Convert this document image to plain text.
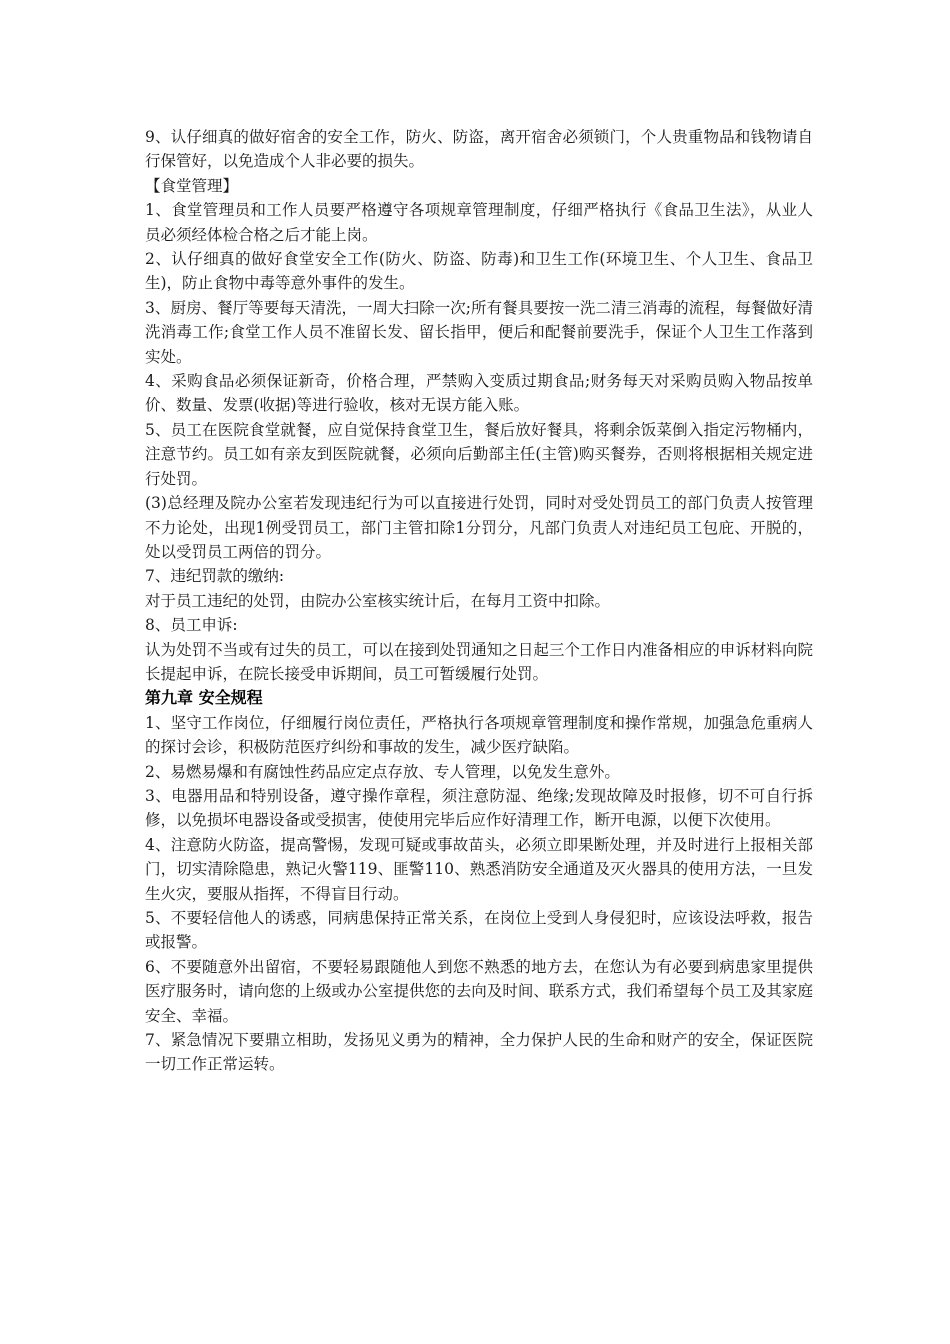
9、认仔细真的做好宿舍的安全工作，防火、防盗，离开宿舍必须锁门，个人贵重物品和钱物请自行保管好，以免造成个人非必要的损失。

【食堂管理】

1、食堂管理员和工作人员要严格遵守各项规章管理制度，仔细严格执行《食品卫生法》，从业人员必须经体检合格之后才能上岗。

2、认仔细真的做好食堂安全工作(防火、防盗、防毒)和卫生工作(环境卫生、个人卫生、食品卫生)，防止食物中毒等意外事件的发生。

3、厨房、餐厅等要每天清洗，一周大扫除一次;所有餐具要按一洗二清三消毒的流程，每餐做好清洗消毒工作;食堂工作人员不准留长发、留长指甲，便后和配餐前要洗手，保证个人卫生工作落到实处。

4、采购食品必须保证新奇，价格合理，严禁购入变质过期食品;财务每天对采购员购入物品按单价、数量、发票(收据)等进行验收，核对无误方能入账。

5、员工在医院食堂就餐，应自觉保持食堂卫生，餐后放好餐具，将剩余饭菜倒入指定污物桶内，注意节约。员工如有亲友到医院就餐，必须向后勤部主任(主管)购买餐券，否则将根据相关规定进行处罚。

(3)总经理及院办公室若发现违纪行为可以直接进行处罚，同时对受处罚员工的部门负责人按管理不力论处，出现1例受罚员工，部门主管扣除1分罚分，凡部门负责人对违纪员工包庇、开脱的，处以受罚员工两倍的罚分。

7、违纪罚款的缴纳:

对于员工违纪的处罚，由院办公室核实统计后，在每月工资中扣除。

8、员工申诉:

认为处罚不当或有过失的员工，可以在接到处罚通知之日起三个工作日内准备相应的申诉材料向院长提起申诉，在院长接受申诉期间，员工可暂缓履行处罚。

第九章 安全规程

1、坚守工作岗位，仔细履行岗位责任，严格执行各项规章管理制度和操作常规，加强急危重病人的探讨会诊，积极防范医疗纠纷和事故的发生，减少医疗缺陷。

2、易燃易爆和有腐蚀性药品应定点存放、专人管理，以免发生意外。

3、电器用品和特别设备，遵守操作章程，须注意防湿、绝缘;发现故障及时报修，切不可自行拆修，以免损坏电器设备或受损害，使使用完毕后应作好清理工作，断开电源，以便下次使用。

4、注意防火防盗，提高警惕，发现可疑或事故苗头，必须立即果断处理，并及时进行上报相关部门，切实清除隐患，熟记火警119、匪警110、熟悉消防安全通道及灭火器具的使用方法，一旦发生火灾，要服从指挥，不得盲目行动。

5、不要轻信他人的诱惑，同病患保持正常关系，在岗位上受到人身侵犯时，应该设法呼救，报告或报警。

6、不要随意外出留宿，不要轻易跟随他人到您不熟悉的地方去，在您认为有必要到病患家里提供医疗服务时，请向您的上级或办公室提供您的去向及时间、联系方式，我们希望每个员工及其家庭安全、幸福。

7、紧急情况下要鼎立相助，发扬见义勇为的精神，全力保护人民的生命和财产的安全，保证医院一切工作正常运转。
